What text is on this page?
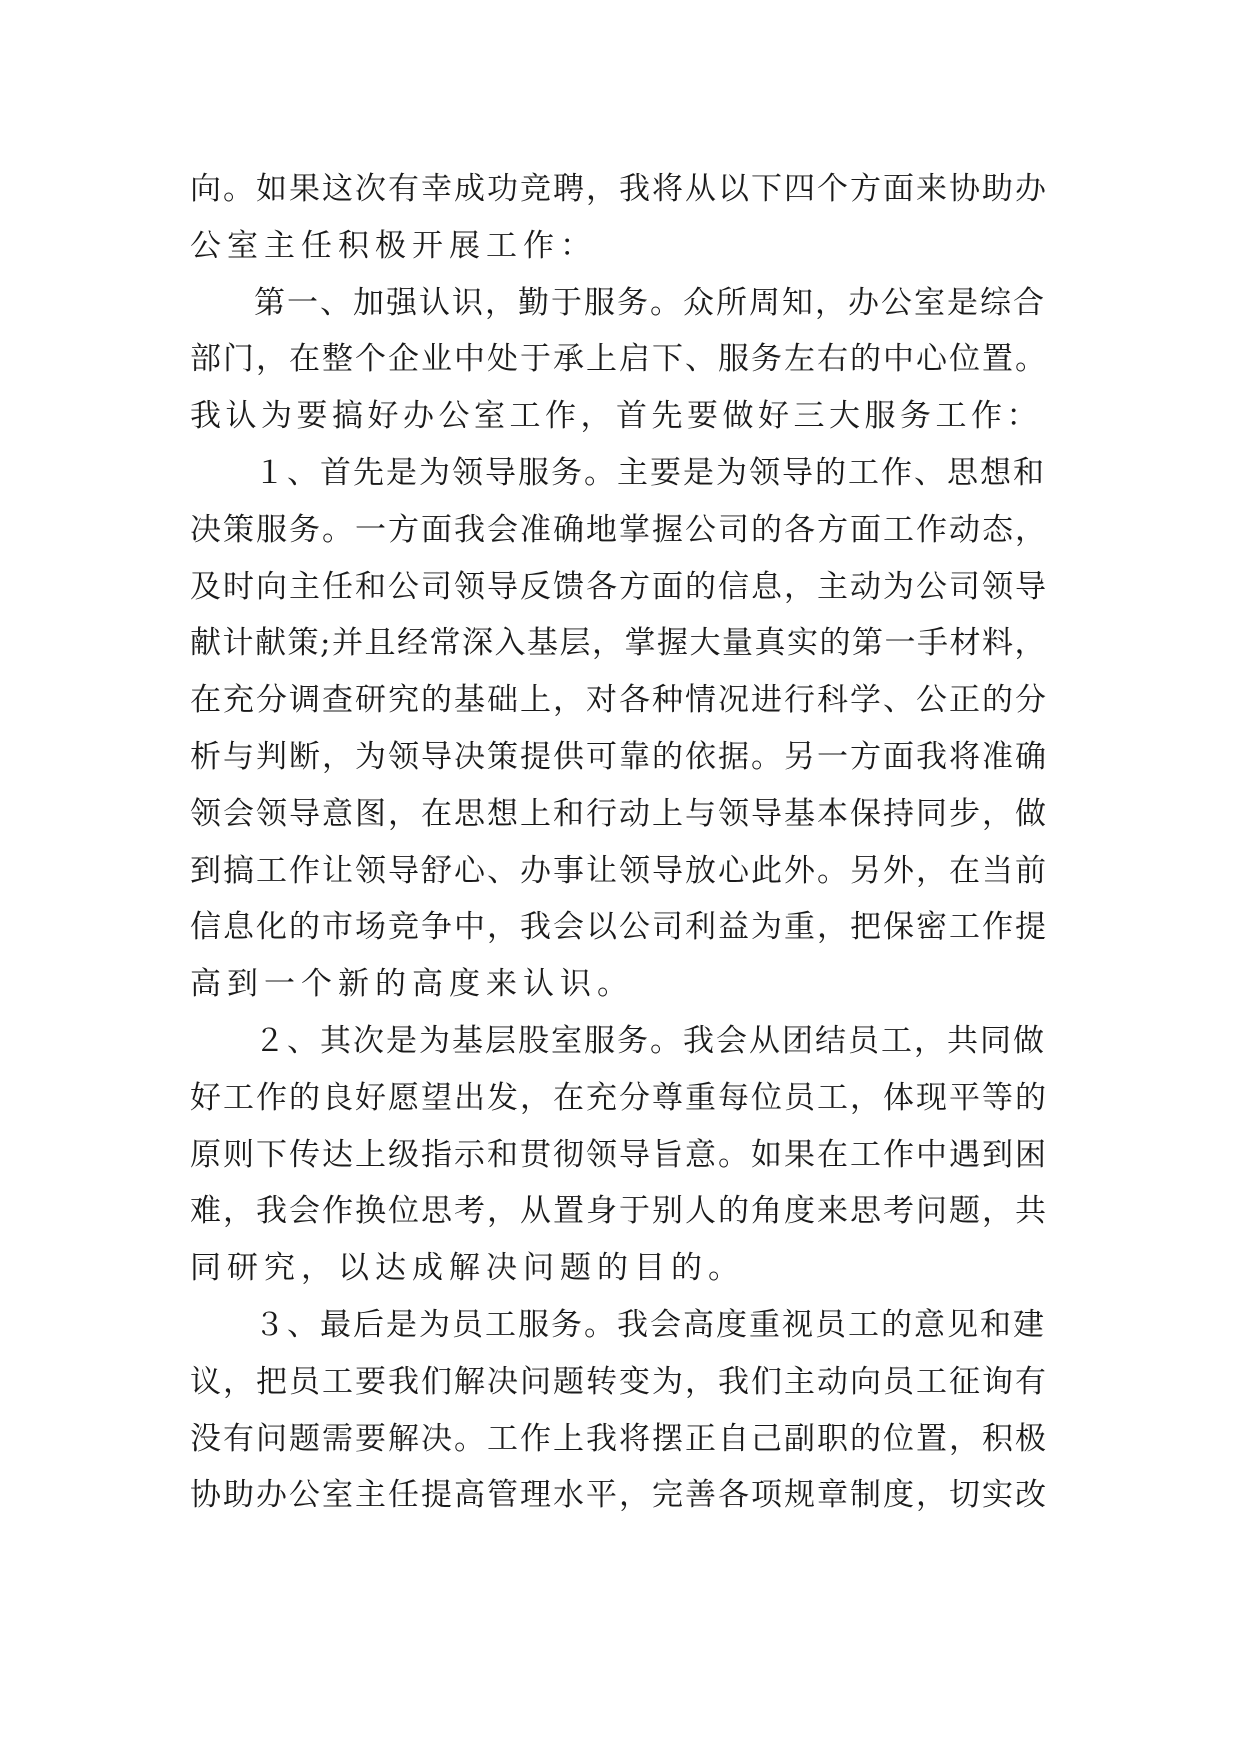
向。如果这次有幸成功竞聘，我将从以下四个方面来协助办
公室主任积极开展工作：
第一、加强认识，勤于服务。众所周知，办公室是综合
部门，在整个企业中处于承上启下、服务左右的中心位置。
我认为要搞好办公室工作，首先要做好三大服务工作：
１、首先是为领导服务。主要是为领导的工作、思想和
决策服务。一方面我会准确地掌握公司的各方面工作动态，
及时向主任和公司领导反馈各方面的信息，主动为公司领导
献计献策;并且经常深入基层，掌握大量真实的第一手材料，
在充分调查研究的基础上，对各种情况进行科学、公正的分
析与判断，为领导决策提供可靠的依据。另一方面我将准确
领会领导意图，在思想上和行动上与领导基本保持同步，做
到搞工作让领导舒心、办事让领导放心此外。另外，在当前
信息化的市场竞争中，我会以公司利益为重，把保密工作提
高到一个新的高度来认识。
２、其次是为基层股室服务。我会从团结员工，共同做
好工作的良好愿望出发，在充分尊重每位员工，体现平等的
原则下传达上级指示和贯彻领导旨意。如果在工作中遇到困
难，我会作换位思考，从置身于别人的角度来思考问题，共
同研究，以达成解决问题的目的。
３、最后是为员工服务。我会高度重视员工的意见和建
议，把员工要我们解决问题转变为，我们主动向员工征询有
没有问题需要解决。工作上我将摆正自己副职的位置，积极
协助办公室主任提高管理水平，完善各项规章制度，切实改
